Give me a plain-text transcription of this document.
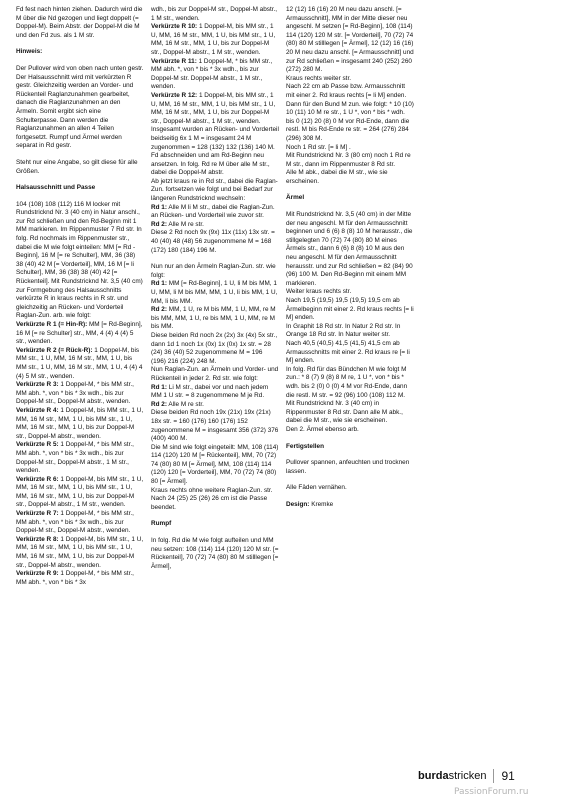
Fd fest nach hinten ziehen. Dadurch wird die M über die Nd gezogen und liegt doppelt (= Doppel-M). Beim Abstr. der Doppel-M die M und den Fd zus. als 1 M str.

Hinweis:

Der Pullover wird von oben nach unten gestr. Der Halsausschnitt wird mit verkürzten R gestr. Gleichzeitig werden an Vorder- und Rückenteil Raglanzunahmen gearbeitet, danach die Raglanzunahmen an den Ärmeln. Somit ergibt sich eine Schulterpasse. Dann werden die Raglanzunahmen an allen 4 Teilen fortgesetzt. Rumpf und Ärmel werden separat in Rd gestr.

Steht nur eine Angabe, so gilt diese für alle Größen.

Halsausschnitt und Passe

104 (108) 108 (112) 116 M locker mit Rundstricknd Nr. 3 (40 cm) in Natur anschl., zur Rd schließen und den Rd-Beginn mit 1 MM markieren. Im Rippenmuster 7 Rd str. In folg. Rd nochmals im Rippenmuster str., dabei die M wie folgt einteilen: MM [= Rd -Beginn], 16 M [= re Schulter], MM, 36 (38) 38 (40) 42 M [= Vorderteil], MM, 16 M [= li Schulter], MM, 36 (38) 38 (40) 42 [= Rückenteil]. Mit Rundstricknd Nr. 3,5 (40 cm) zur Formgebung des Halsausschnitts verkürzte R in kraus rechts in R str. und gleichzeitig an Rücken- und Vorderteil Raglan-Zun. arb. wie folgt:

Verkürzte R 1 (= Hin-R): MM [= Rd-Beginn], 16 M [= re Schulter] str., MM, 4 (4) 4 (4) 5 str., wenden.

Verkürzte R 2 (= Rück-R): 1 Doppel-M, bis MM str., 1 U, MM, 16 M str., MM, 1 U, bis MM str., 1 U, MM, 16 M str., MM, 1 U, 4 (4) 4 (4) 5 M str., wenden.

Verkürzte R 3: 1 Doppel-M, * bis MM str., MM abh. *, von * bis * 3x wdh., bis zur Doppel-M str., Doppel-M abstr., wenden.

Verkürzte R 4: 1 Doppel-M, bis MM str., 1 U, MM, 16 M str., MM, 1 U, bis MM str., 1 U, MM, 16 M str., MM, 1 U, bis zur Doppel-M str., Doppel-M abstr., wenden.

Verkürzte R 5: 1 Doppel-M, * bis MM str., MM abh. *, von * bis * 3x wdh., bis zur Doppel-M str., Doppel-M abstr., 1 M str., wenden.

Verkürzte R 6: 1 Doppel-M, bis MM str., 1 U, MM, 16 M str., MM, 1 U, bis MM str., 1 U, MM, 16 M str., MM, 1 U, bis zur Doppel-M str., Doppel-M abstr., 1 M str., wenden.

Verkürzte R 7: 1 Doppel-M, * bis MM str., MM abh. *, von * bis * 3x wdh., bis zur Doppel-M str., Doppel-M abstr., wenden.

Verkürzte R 8: 1 Doppel-M, bis MM str., 1 U, MM, 16 M str., MM, 1 U, bis MM str., 1 U, MM, 16 M str., MM, 1 U, bis zur Doppel-M str., Doppel-M abstr., wenden.

Verkürzte R 9: 1 Doppel-M, * bis MM str., MM abh. *, von * bis * 3x

wdh., bis zur Doppel-M str., Doppel-M abstr., 1 M str., wenden.

Verkürzte R 10: 1 Doppel-M, bis MM str., 1 U, MM, 16 M str., MM, 1 U, bis MM str., 1 U, MM, 16 M str., MM, 1 U, bis zur Doppel-M str., Doppel-M abstr., 1 M str., wenden.

Verkürzte R 11: 1 Doppel-M, * bis MM str., MM abh. *, von * bis * 3x wdh., bis zur Doppel-M str. Doppel-M abstr., 1 M str., wenden.

Verkürzte R 12: 1 Doppel-M, bis MM str., 1 U, MM, 16 M str., MM, 1 U, bis MM str., 1 U, MM, 16 M str., MM, 1 U, bis zur Doppel-M str., Doppel-M abstr., 1 M str., wenden. Insgesamt wurden an Rücken- und Vorderteil beidseitig 6x 1 M = insgesamt 24 M zugenommen = 128 (132) 132 (136) 140 M.

Fd abschneiden und am Rd-Beginn neu ansetzen. In folg. Rd re M über alle M str., dabei die Doppel-M abstr.

Ab jetzt kraus re in Rd str., dabei die Raglan-Zun. fortsetzen wie folgt und bei Bedarf zur längeren Rundstricknd wechseln:

Rd 1: Alle M li M str., dabei die Raglan-Zun. an Rücken- und Vorderteil wie zuvor str.

Rd 2: Alle M re str.

Diese 2 Rd noch 9x (9x) 11x (11x) 13x str. = 40 (40) 48 (48) 56 zugenommene M = 168 (172) 180 (184) 196 M.

Nun nur an den Ärmeln Raglan-Zun. str. wie folgt:

Rd 1: MM [= Rd-Beginn], 1 U, li M bis MM, 1 U, MM, li M bis MM, MM, 1 U, li bis MM, 1 U, MM, li bis MM.

Rd 2: MM, 1 U, re M bis MM, 1 U, MM, re M bis MM, MM, 1 U, re bis MM, 1 U, MM, re M bis MM.

Diese beiden Rd noch 2x (2x) 3x (4x) 5x str., dann 1d 1 noch 1x (0x) 1x (0x) 1x str. = 28 (24) 36 (40) 52 zugenommene M = 196 (196) 216 (224) 248 M.

Nun Raglan-Zun. an Ärmeln und Vorder- und Rückenteil in jeder 2. Rd str. wie folgt:

Rd 1: Li M str., dabei vor und nach jedem MM 1 U str. = 8 zugenommene M je Rd.

Rd 2: Alle M re str.

Diese beiden Rd noch 19x (21x) 19x (21x) 18x str. = 160 (176) 160 (176) 152 zugenommene M = insgesamt 356 (372) 376 (400) 400 M.

Die M sind wie folgt eingeteilt: MM, 108 (114) 114 (120) 120 M [= Rückenteil], MM, 70 (72) 74 (80) 80 M [= Ärmel], MM, 108 (114) 114 (120) 120 [= Vorderteil], MM, 70 (72) 74 (80) 80 [= Ärmel].

Kraus rechts ohne weitere Raglan-Zun. str.

Nach 24 (25) 25 (26) 26 cm ist die Passe beendet.

Rumpf

In folg. Rd die M wie folgt aufteilen und MM neu setzen: 108 (114) 114 (120) 120 M str. [= Rückenteil], 70 (72) 74 (80) 80 M stilllegen [= Ärmel],

12 (12) 16 (16) 20 M neu dazu anschl. [= Armausschnitt], MM in der Mitte dieser neu angeschl. M setzen [= Rd-Beginn], 108 (114) 114 (120) 120 M str. [= Vorderteil], 70 (72) 74 (80) 80 M stilllegen [= Ärmel], 12 (12) 16 (16) 20 M neu dazu anschl. [= Armausschnitt] und zur Rd schließen = insgesamt 240 (252) 260 (272) 280 M.

Kraus rechts weiter str.

Nach 22 cm ab Passe bzw. Armausschnitt mit einer 2. Rd kraus rechts [= li M] enden.

Dann für den Bund M zun. wie folgt: * 10 (10) 10 (11) 10 M re str., 1 U *, von * bis * wdh. bis 0 (12) 20 (8) 0 M vor Rd-Ende, dann die restl. M bis Rd-Ende re str. = 264 (276) 284 (296) 308 M.

Noch 1 Rd str. [= li M] .

Mit Rundstricknd Nr. 3 (80 cm) noch 1 Rd re M str., dann im Rippenmuster 8 Rd str.

Alle M abk., dabei die M str., wie sie erscheinen.

Ärmel

Mit Rundstricknd Nr. 3,5 (40 cm) in der Mitte der neu angeschl. M für den Armausschnitt beginnen und 6 (6) 8 (8) 10 M herausstr., die stillgelegten 70 (72) 74 (80) 80 M eines Ärmels str., dann 6 (6) 8 (8) 10 M aus den neu angeschl. M für den Armausschnitt herausstr. und zur Rd schließen = 82 (84) 90 (96) 100 M. Den Rd-Beginn mit einem MM markieren.

Weiter kraus rechts str.

Nach 19,5 (19,5) 19,5 (19,5) 19,5 cm ab Ärmelbeginn mit einer 2. Rd kraus rechts [= li M] enden.

In Graphit 18 Rd str. In Natur 2 Rd str. In Orange 18 Rd str. In Natur weiter str.

Nach 40,5 (40,5) 41,5 (41,5) 41,5 cm ab Armausschnitts mit einer 2. Rd kraus re [= li M] enden.

In folg. Rd für das Bündchen M wie folgt M zun.: * 8 (7) 9 (8) 8 M re, 1 U *, von * bis * wdh. bis 2 (0) 0 (0) 4 M vor Rd-Ende, dann die restl. M str. = 92 (96) 100 (108) 112 M.

Mit Rundstricknd Nr. 3 (40 cm) in Rippenmuster 8 Rd str. Dann alle M abk., dabei die M str., wie sie erscheinen.

Den 2. Ärmel ebenso arb.

Fertigstellen

Pullover spannen, anfeuchten und trocknen lassen.

Alle Fäden vernähen.

Design: Kremke

burda stricken 91
PassionForum.ru
